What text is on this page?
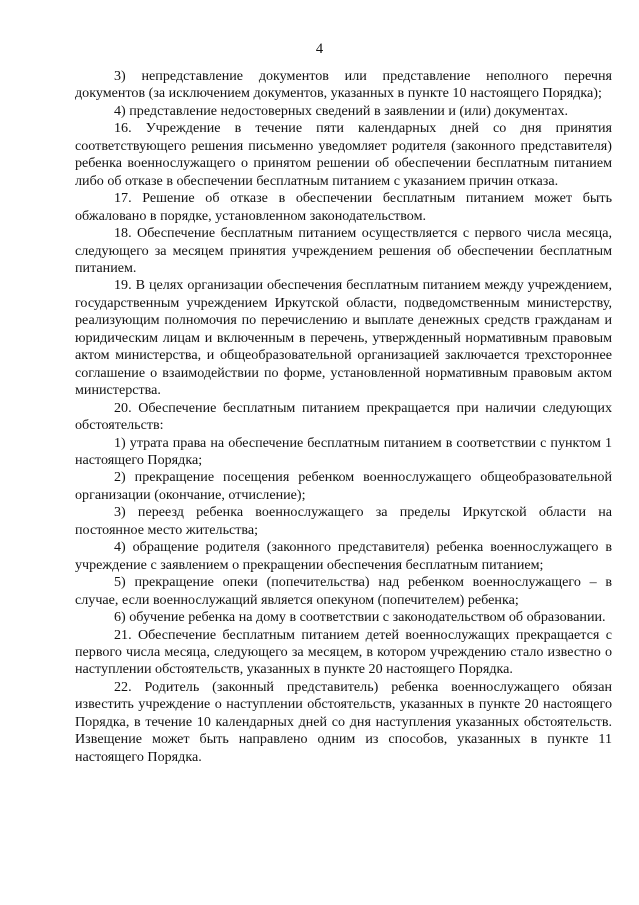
4

3) непредставление документов или представление неполного перечня документов (за исключением документов, указанных в пункте 10 настоящего Порядка);

4) представление недостоверных сведений в заявлении и (или) документах.

16. Учреждение в течение пяти календарных дней со дня принятия соответствующего решения письменно уведомляет родителя (законного представителя) ребенка военнослужащего о принятом решении об обеспечении бесплатным питанием либо об отказе в обеспечении бесплатным питанием с указанием причин отказа.

17. Решение об отказе в обеспечении бесплатным питанием может быть обжаловано в порядке, установленном законодательством.

18. Обеспечение бесплатным питанием осуществляется с первого числа месяца, следующего за месяцем принятия учреждением решения об обеспечении бесплатным питанием.

19. В целях организации обеспечения бесплатным питанием между учреждением, государственным учреждением Иркутской области, подведомственным министерству, реализующим полномочия по перечислению и выплате денежных средств гражданам и юридическим лицам и включенным в перечень, утвержденный нормативным правовым актом министерства, и общеобразовательной организацией заключается трехстороннее соглашение о взаимодействии по форме, установленной нормативным правовым актом министерства.

20. Обеспечение бесплатным питанием прекращается при наличии следующих обстоятельств:

1) утрата права на обеспечение бесплатным питанием в соответствии с пунктом 1 настоящего Порядка;

2) прекращение посещения ребенком военнослужащего общеобразовательной организации (окончание, отчисление);

3) переезд ребенка военнослужащего за пределы Иркутской области на постоянное место жительства;

4) обращение родителя (законного представителя) ребенка военнослужащего в учреждение с заявлением о прекращении обеспечения бесплатным питанием;

5) прекращение опеки (попечительства) над ребенком военнослужащего – в случае, если военнослужащий является опекуном (попечителем) ребенка;

6) обучение ребенка на дому в соответствии с законодательством об образовании.

21. Обеспечение бесплатным питанием детей военнослужащих прекращается с первого числа месяца, следующего за месяцем, в котором учреждению стало известно о наступлении обстоятельств, указанных в пункте 20 настоящего Порядка.

22. Родитель (законный представитель) ребенка военнослужащего обязан известить учреждение о наступлении обстоятельств, указанных в пункте 20 настоящего Порядка, в течение 10 календарных дней со дня наступления указанных обстоятельств. Извещение может быть направлено одним из способов, указанных в пункте 11 настоящего Порядка.
